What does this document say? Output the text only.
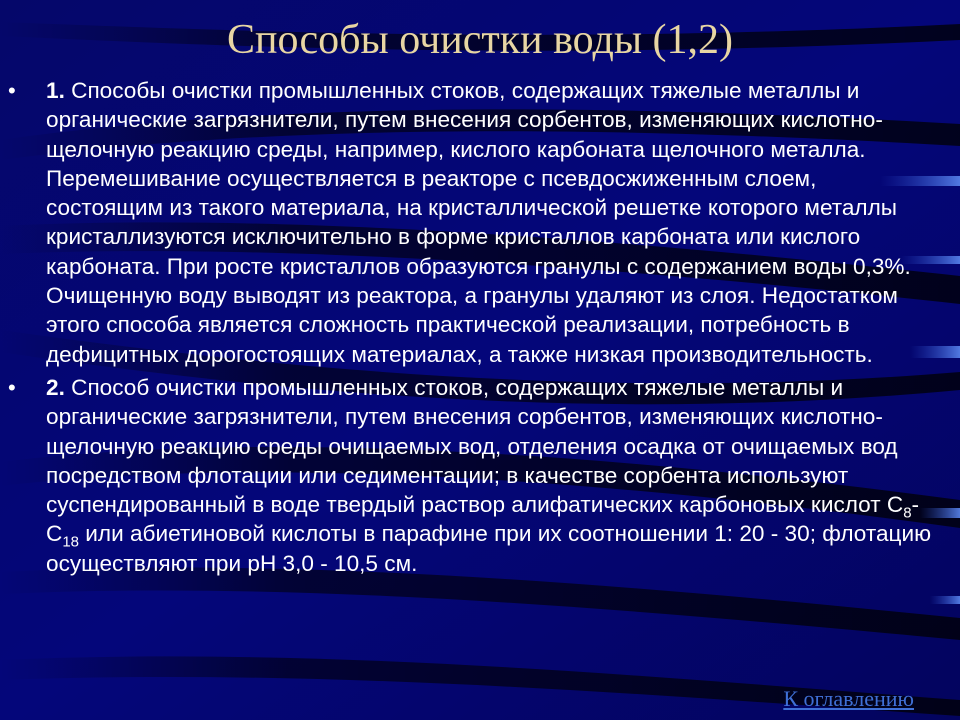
Способы очистки воды (1,2)
• 1. Способы очистки промышленных стоков, содержащих тяжелые металлы и органические загрязнители, путем внесения сорбентов, изменяющих кислотно-щелочную реакцию среды, например, кислого карбоната щелочного металла. Перемешивание осуществляется в реакторе с псевдосжиженным слоем, состоящим из такого материала, на кристаллической решетке которого металлы кристаллизуются исключительно в форме кристаллов карбоната или кислого карбоната. При росте кристаллов образуются гранулы с содержанием воды 0,3%. Очищенную воду выводят из реактора, а гранулы удаляют из слоя. Недостатком этого способа является сложность практической реализации, потребность в дефицитных дорогостоящих материалах, а также низкая производительность.
• 2. Способ очистки промышленных стоков, содержащих тяжелые металлы и органические загрязнители, путем внесения сорбентов, изменяющих кислотно-щелочную реакцию среды очищаемых вод, отделения осадка от очищаемых вод посредством флотации или седиментации; в качестве сорбента используют суспендированный в воде твердый раствор алифатических карбоновых кислот $С_8-С_{18}$ или абиетиновой кислоты в парафине при их соотношении 1: 20 - 30; флотацию осуществляют при pH 3,0 - 10,5 см.
К оглавлению
